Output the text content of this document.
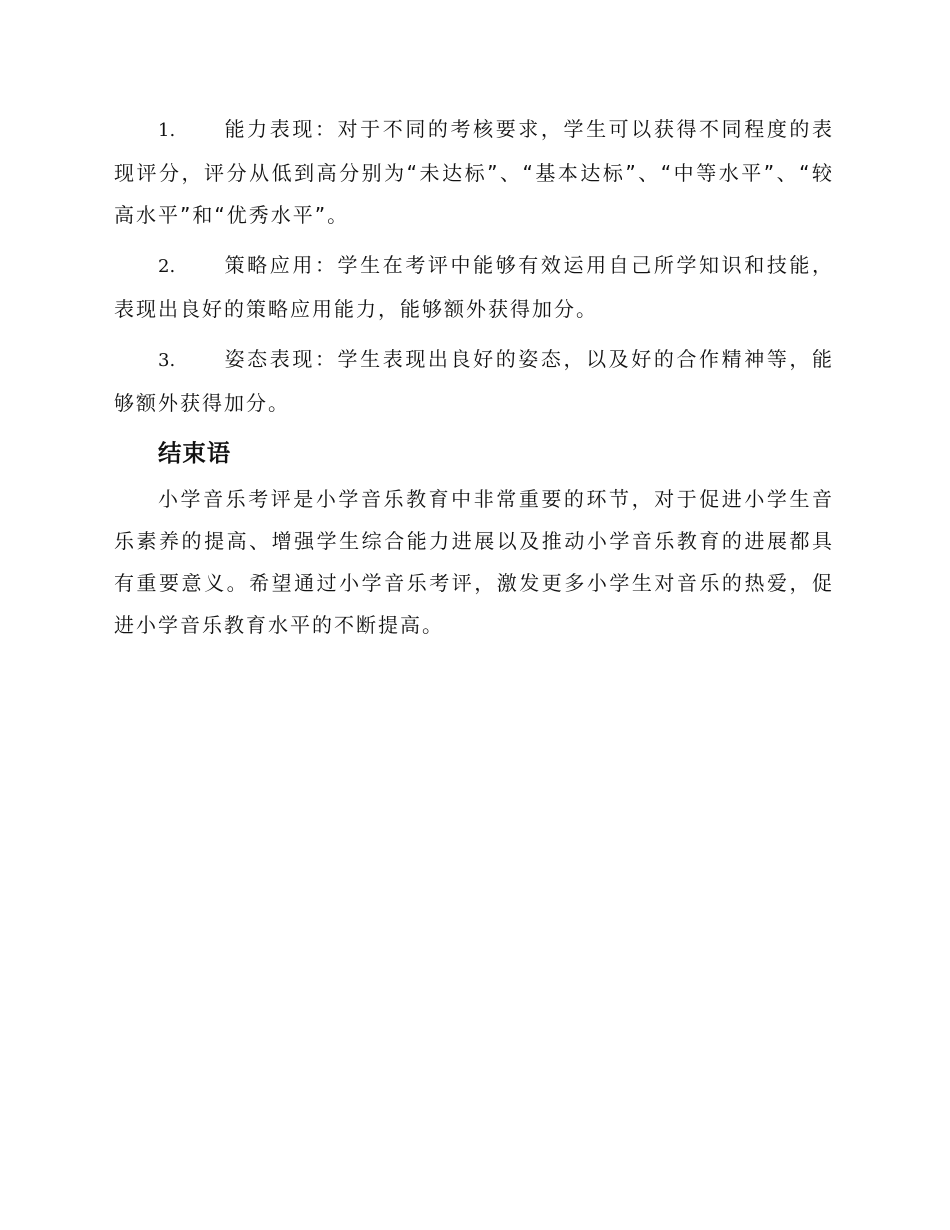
1. 能力表现：对于不同的考核要求，学生可以获得不同程度的表现评分，评分从低到高分别为“未达标”、“基本达标”、“中等水平”、“较高水平”和“优秀水平”。

2. 策略应用：学生在考评中能够有效运用自己所学知识和技能，表现出良好的策略应用能力，能够额外获得加分。

3. 姿态表现：学生表现出良好的姿态，以及好的合作精神等，能够额外获得加分。

结束语

小学音乐考评是小学音乐教育中非常重要的环节，对于促进小学生音乐素养的提高、增强学生综合能力进展以及推动小学音乐教育的进展都具有重要意义。希望通过小学音乐考评，激发更多小学生对音乐的热爱，促进小学音乐教育水平的不断提高。
